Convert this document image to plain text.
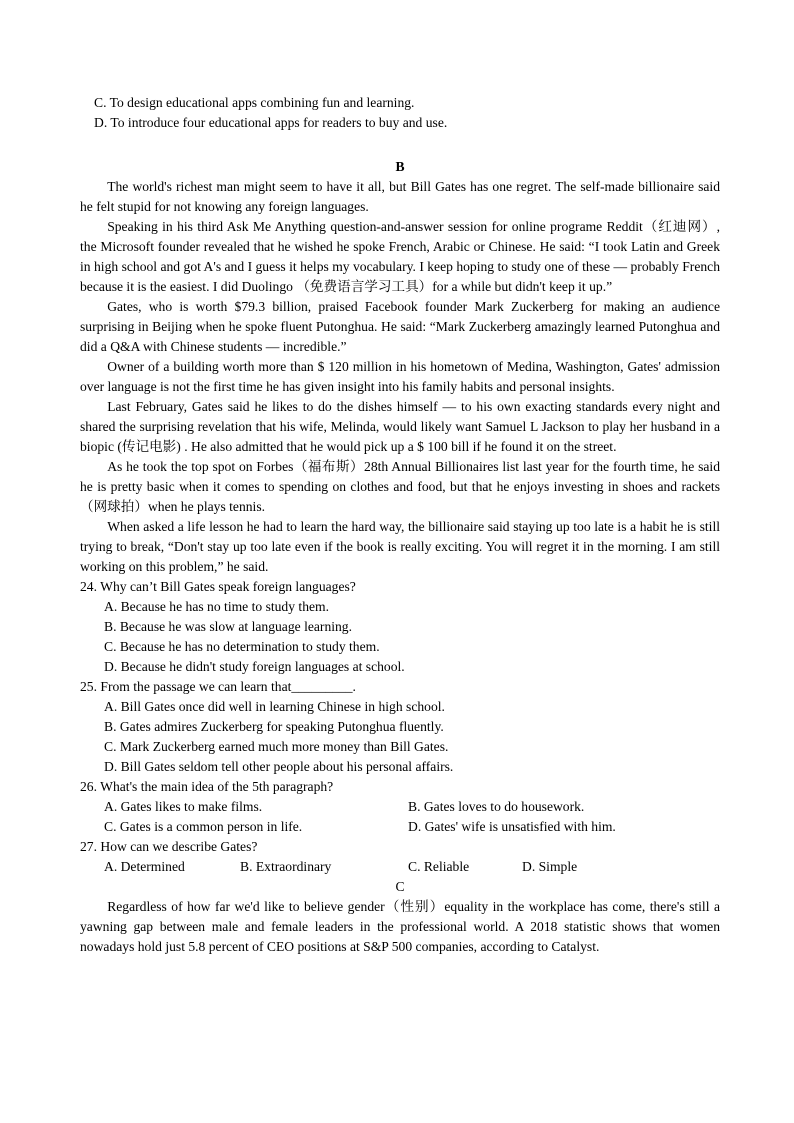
C. To design educational apps combining fun and learning.
D. To introduce four educational apps for readers to buy and use.
B
The world's richest man might seem to have it all, but Bill Gates has one regret. The self-made billionaire said he felt stupid for not knowing any foreign languages.
Speaking in his third Ask Me Anything question-and-answer session for online programe Reddit（红迪网）, the Microsoft founder revealed that he wished he spoke French, Arabic or Chinese. He said: “I took Latin and Greek in high school and got A's and I guess it helps my vocabulary. I keep hoping to study one of these — probably French because it is the easiest. I did Duolingo （免费语言学习工具）for a while but didn't keep it up.”
Gates, who is worth $79.3 billion, praised Facebook founder Mark Zuckerberg for making an audience surprising in Beijing when he spoke fluent Putonghua. He said: “Mark Zuckerberg amazingly learned Putonghua and did a Q&A with Chinese students — incredible.”
Owner of a building worth more than $ 120 million in his hometown of Medina, Washington, Gates' admission over language is not the first time he has given insight into his family habits and personal insights.
Last February, Gates said he likes to do the dishes himself — to his own exacting standards every night and shared the surprising revelation that his wife, Melinda, would likely want Samuel L Jackson to play her husband in a biopic (传记电影) . He also admitted that he would pick up a $ 100 bill if he found it on the street.
As he took the top spot on Forbes（福布斯）28th Annual Billionaires list last year for the fourth time, he said he is pretty basic when it comes to spending on clothes and food, but that he enjoys investing in shoes and rackets（网球拍）when he plays tennis.
When asked a life lesson he had to learn the hard way, the billionaire said staying up too late is a habit he is still trying to break, “Don't stay up too late even if the book is really exciting. You will regret it in the morning. I am still working on this problem,” he said.
24. Why can’t Bill Gates speak foreign languages?
A. Because he has no time to study them.
B. Because he was slow at language learning.
C. Because he has no determination to study them.
D. Because he didn't study foreign languages at school.
25. From the passage we can learn that_________.
A. Bill Gates once did well in learning Chinese in high school.
B. Gates admires Zuckerberg for speaking Putonghua fluently.
C. Mark Zuckerberg earned much more money than Bill Gates.
D. Bill Gates seldom tell other people about his personal affairs.
26. What's the main idea of the 5th paragraph?
A. Gates likes to make films.	B. Gates loves to do housework.
C. Gates is a common person in life.	D. Gates' wife is unsatisfied with him.
27. How can we describe Gates?
A. Determined	B. Extraordinary	C. Reliable	D. Simple
C
Regardless of how far we'd like to believe gender（性别）equality in the workplace has come, there's still a yawning gap between male and female leaders in the professional world. A 2018 statistic shows that women nowadays hold just 5.8 percent of CEO positions at S&P 500 companies, according to Catalyst.
